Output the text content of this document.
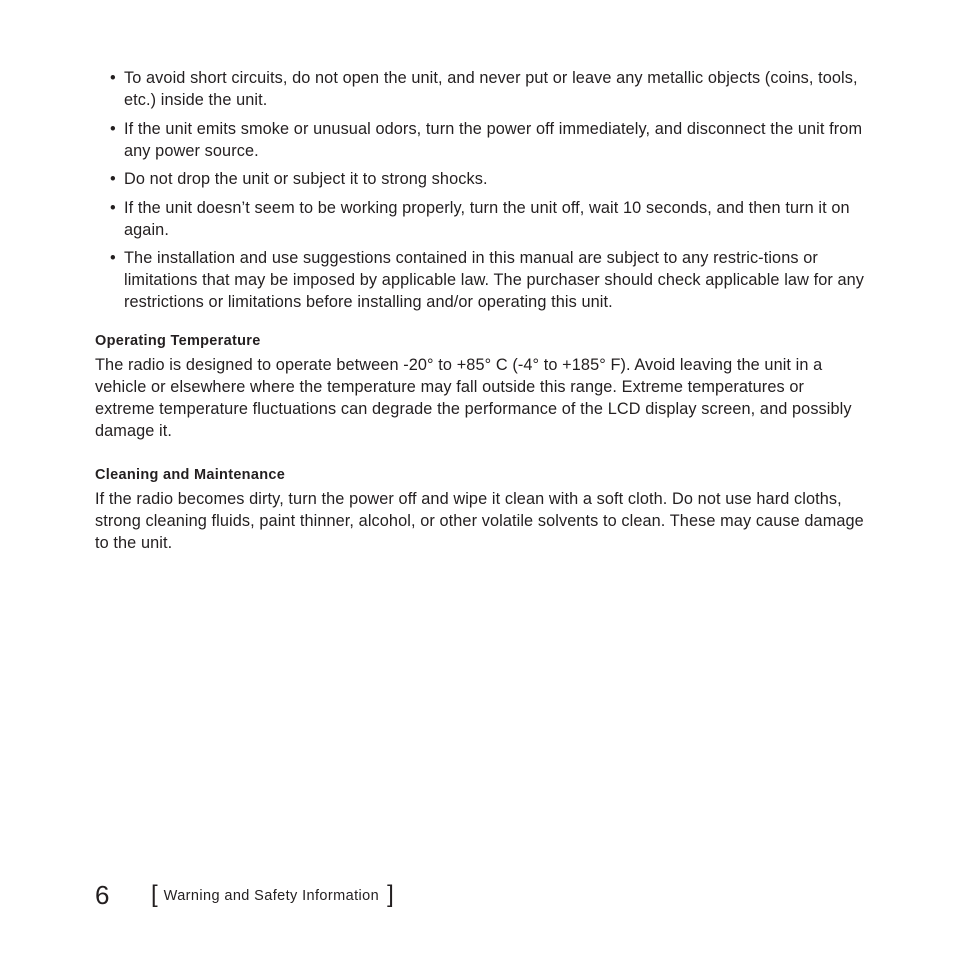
• To avoid short circuits, do not open the unit, and never put or leave any metallic objects (coins, tools, etc.) inside the unit.
• If the unit emits smoke or unusual odors, turn the power off immediately, and disconnect the unit from any power source.
• Do not drop the unit or subject it to strong shocks.
• If the unit doesn’t seem to be working properly, turn the unit off, wait 10 seconds, and then turn it on again.
• The installation and use suggestions contained in this manual are subject to any restric-tions or limitations that may be imposed by applicable law. The purchaser should check applicable law for any restrictions or limitations before installing and/or operating this unit.
Operating Temperature

The radio is designed to operate between -20° to +85° C (-4° to +185° F). Avoid leaving the unit in a vehicle or elsewhere where the temperature may fall outside this range. Extreme temperatures or extreme temperature fluctuations can degrade the performance of the LCD display screen, and possibly damage it.

Cleaning and Maintenance

If the radio becomes dirty, turn the power off and wipe it clean with a soft cloth. Do not use hard cloths, strong cleaning fluids, paint thinner, alcohol, or other volatile solvents to clean. These may cause damage to the unit.

6	[ Warning and Safety Information ]
